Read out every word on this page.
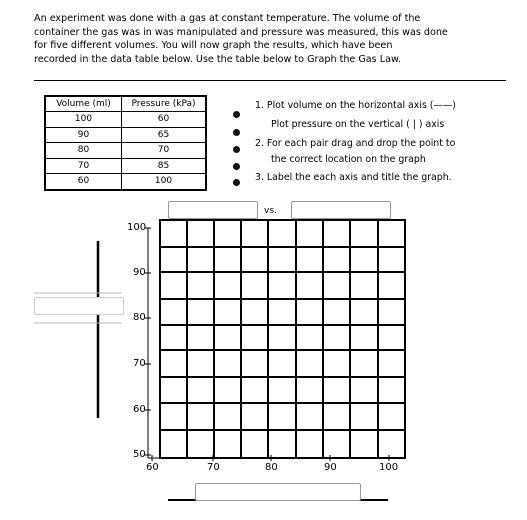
An experiment was done with a gas at constant temperature. The volume of the
container the gas was in was manipulated and pressure was measured, this was done
for five different volumes. You will now graph the results, which have been
recorded in the data table below. Use the table below to Graph the Gas Law.
Volume (ml)	Pressure (kPa)
100	60
90	65
80	70
70	85
60	100
1. Plot volume on the horizontal axis (——)
Plot pressure on the vertical ( | ) axis
2. For each pair drag and drop the point to
the correct location on the graph
3. Label the each axis and title the graph.
vs.
100
90
80
70
60
50
60	70	80	90	100
